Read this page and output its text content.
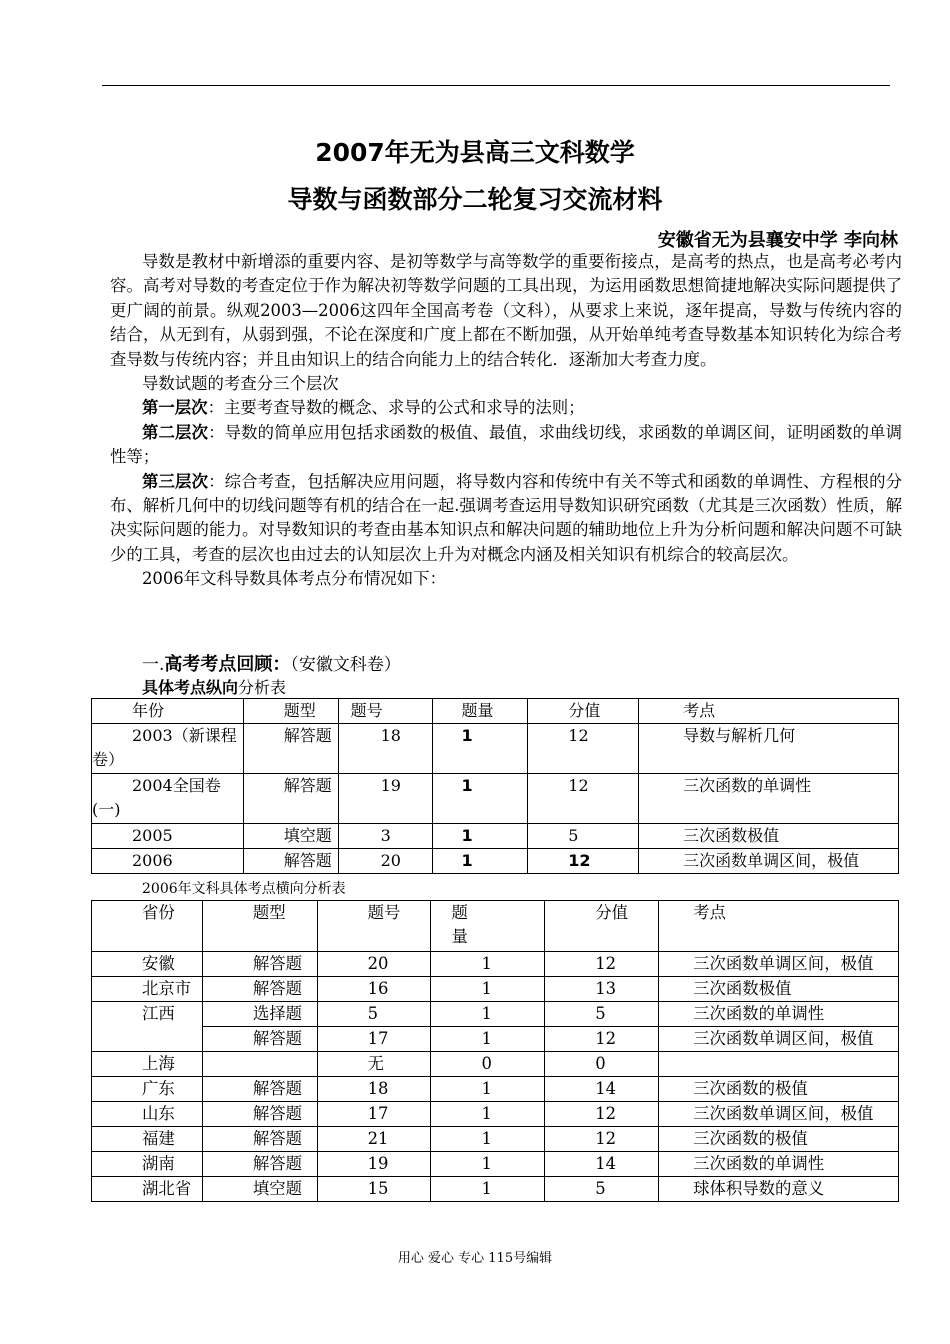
2007年无为县高三文科数学
导数与函数部分二轮复习交流材料
安徽省无为县襄安中学 李向林

导数是教材中新增添的重要内容、是初等数学与高等数学的重要衔接点，是高考的热点，也是高考必考内容。高考对导数的考查定位于作为解决初等数学问题的工具出现，为运用函数思想简捷地解决实际问题提供了更广阔的前景。纵观2003—2006这四年全国高考卷（文科），从要求上来说，逐年提高，导数与传统内容的结合，从无到有，从弱到强，不论在深度和广度上都在不断加强，从开始单纯考查导数基本知识转化为综合考查导数与传统内容；并且由知识上的结合向能力上的结合转化．逐渐加大考查力度。

导数试题的考查分三个层次

第一层次：主要考查导数的概念、求导的公式和求导的法则；

第二层次：导数的简单应用包括求函数的极值、最值，求曲线切线，求函数的单调区间，证明函数的单调性等；

第三层次：综合考查，包括解决应用问题，将导数内容和传统中有关不等式和函数的单调性、方程根的分布、解析几何中的切线问题等有机的结合在一起.强调考查运用导数知识研究函数（尤其是三次函数）性质，解决实际问题的能力。对导数知识的考查由基本知识点和解决问题的辅助地位上升为分析问题和解决问题不可缺少的工具，考查的层次也由过去的认知层次上升为对概念内涵及相关知识有机综合的较高层次。

2006年文科导数具体考点分布情况如下：

一.高考考点回顾：（安徽文科卷）
具体考点纵向分析表
年份	题型	题号	题量	分值	考点
2003（新课程卷）	解答题	18	1	12	导数与解析几何
2004全国卷(一)	解答题	19	1	12	三次函数的单调性
2005	填空题	3	1	5	三次函数极值
2006	解答题	20	1	12	三次函数单调区间，极值
2006年文科具体考点横向分析表
省份	题型	题号	题量	分值	考点
安徽	解答题	20	1	12	三次函数单调区间，极值
北京市	解答题	16	1	13	三次函数极值
江西	选择题	5	1	5	三次函数的单调性
	解答题	17	1	12	三次函数单调区间，极值
上海		无	0	0	
广东	解答题	18	1	14	三次函数的极值
山东	解答题	17	1	12	三次函数单调区间，极值
福建	解答题	21	1	12	三次函数的极值
湖南	解答题	19	1	14	三次函数的单调性
湖北省	填空题	15	1	5	球体积导数的意义
用心 爱心 专心 115号编辑
